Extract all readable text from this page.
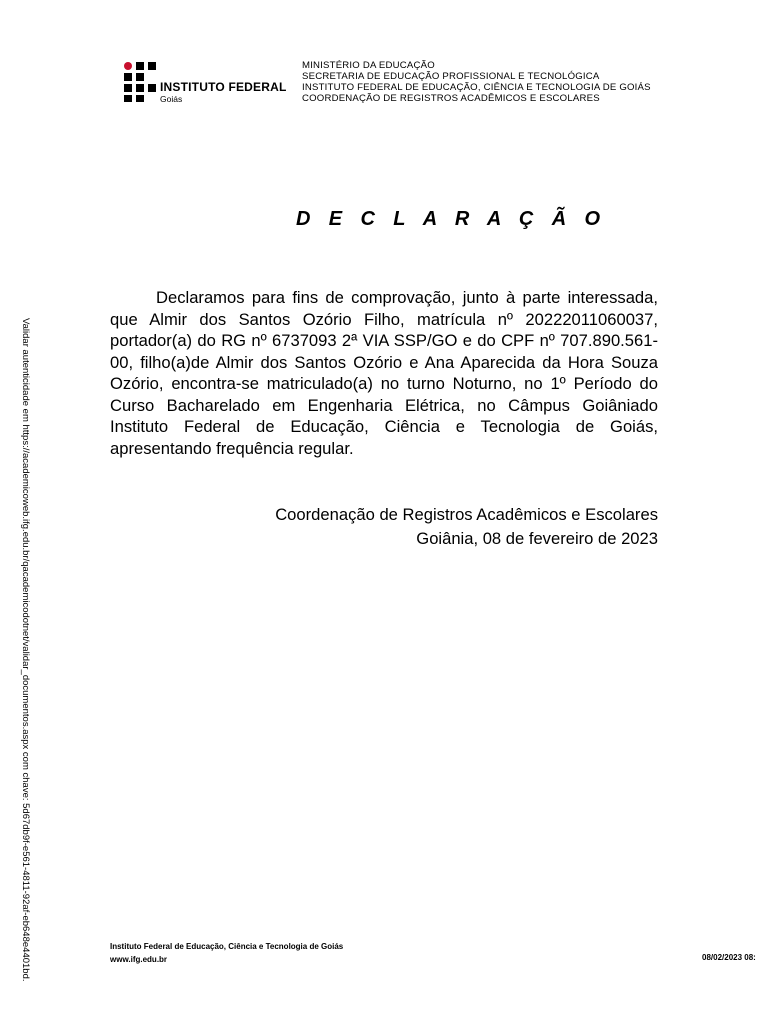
INSTITUTO FEDERAL
Goiás
MINISTÉRIO DA EDUCAÇÃO
SECRETARIA DE EDUCAÇÃO PROFISSIONAL E TECNOLÓGICA
INSTITUTO FEDERAL DE EDUCAÇÃO, CIÊNCIA E TECNOLOGIA DE GOIÁS
COORDENAÇÃO DE REGISTROS ACADÊMICOS E ESCOLARES
D E C L A R A Ç Ã O
Declaramos para fins de comprovação, junto à parte interessada, que Almir dos Santos Ozório Filho, matrícula nº 20222011060037, portador(a) do RG nº 6737093 2ª VIA SSP/GO e do CPF nº 707.890.561-00, filho(a)de Almir dos Santos Ozório e Ana Aparecida da Hora Souza Ozório, encontra-se matriculado(a) no turno Noturno, no 1º Período do Curso Bacharelado em Engenharia Elétrica, no Câmpus Goiâniado Instituto Federal de Educação, Ciência e Tecnologia de Goiás, apresentando frequência regular.
Coordenação de Registros Acadêmicos e Escolares
Goiânia, 08 de fevereiro de 2023
Validar autenticidade em https://academicoweb.ifg.edu.br/qacademicodotnet/validar_documentos.aspx com chave: 5d67db9f-e561-4811-92af-eb648e4401bd.	Instituto Federal de Educação, Ciência e Tecnologia de Goiás
www.ifg.edu.br	08/02/2023 08:
